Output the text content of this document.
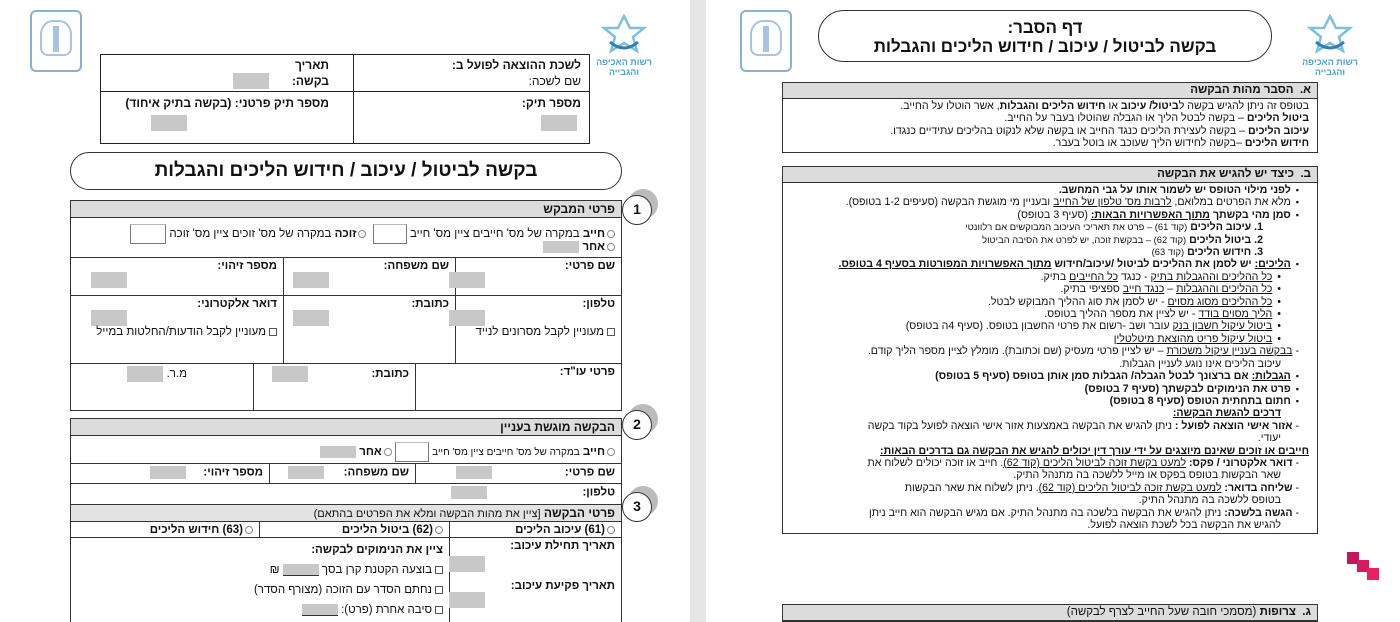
רשות האכיפה והגבייה
לשכת ההוצאה לפועל ב:
שם לשכה:
תאריך
בקשה:
מספר תיק:
מספר תיק פרטני: (בקשה בתיק איחוד)
בקשה לביטול / עיכוב / חידוש הליכים והגבלות
1
פרטי המבקש
חייב במקרה של מס' חייבים ציין מס' חייב   זוכה במקרה של מס' זוכים ציין מס' זוכה
אחר
שם פרטי:

שם משפחה:

מספר זיהוי:

טלפון:

מעוניין לקבל מסרונים לנייד
כתובת:

דואר אלקטרוני:

מעוניין לקבל הודעות/החלטות במייל
פרטי עו"ד:
כתובת:
מ.ר.
2
הבקשה מוגשת בעניין
חייב במקרה של מס' חייבים ציין מס' חייב  אחר
שם פרטי:
שם משפחה:
מספר זיהוי:
טלפון:
3
פרטי הבקשה [ציין את מהות הבקשה ומלא את הפרטים בהתאם)
(61) עיכוב הליכים
(62) ביטול הליכים
(63) חידוש הליכים
תאריך תחילת עיכוב:

תאריך פקיעת עיכוב:

ציין את הנימוקים לבקשה:
בוצעה הקטנת קרן בסך  ₪
נחתם הסדר עם הזוכה (מצורף הסדר)
סיבה אחרת (פרט):
רשות האכיפה והגבייה
דף הסבר:
בקשה לביטול / עיכוב / חידוש הליכים והגבלות
א.  הסבר מהות הבקשה

בטופס זה ניתן להגיש בקשה לביטול/ עיכוב או חידוש הליכים והגבלות, אשר הוטלו על החייב.

ביטול הליכים – בקשה לבטל הליך או הגבלה שהוטלו בעבר על החייב.

עיכוב הליכים – בקשה לעצירת הליכים כנגד החייב או בקשה שלא לנקוט בהליכים עתידיים כנגדו.

חידוש הליכים –בקשה לחידוש הליך שעוכב או בוטל בעבר.

ב.  כיצד יש להגיש את הבקשה

▪ לפני מילוי הטופס יש לשמור אותו על גבי המחשב.

▪ מלא את הפרטים במלואם, לרבות מס' טלפון של החייב ובעניין מי מוגשת הבקשה (סעיפים 1-2 בטופס).

▪ סמן מהי בקשתך מתוך האפשרויות הבאות: (סעיף 3 בטופס)

1. עיכוב הליכים (קוד 61) – פרט את תאריכי העיכוב המבוקשים אם רלוונטי

2. ביטול הליכים (קוד 62) – בבקשת זוכה, יש לפרט את הסיבה הביטול

3. חידוש הליכים (קוד 63)

▪ הליכים: יש לסמן את ההליכים לביטול /עיכוב/חידוש מתוך האפשרויות המפורטות בסעיף 4 בטופס.

• כל ההליכים וההגבלות בתיק - כנגד כל החייבים בתיק.

• כל ההליכים וההגבלות – כנגד חייב ספציפי בתיק.

• כל ההליכים מסוג מסוים - יש לסמן את סוג ההליך המבוקש לבטל.

• הליך מסוים בודד - יש לציין את מספר ההליך בטופס.

• ביטול עיקול חשבון בנק עובר ושב -רשום את פרטי החשבון בטופס. (סעיף 4ה בטופס)

• ביטול עיקול פריט מהוצאת מיטלטלין

- בבקשה בעניין עיקול משכורת – יש לציין פרטי מעסיק (שם וכתובת). מומלץ לציין מספר הליך קודם.

עיכוב הליכים אינו נוגע לעניין הגבלות.

▪ הגבלות: אם ברצונך לבטל הגבלה/ הגבלות סמן אותן בטופס (סעיף 5 בטופס)

▪ פרט את הנימוקים לבקשתך (סעיף 7 בטופס)

▪ חתום בתחתית הטופס (סעיף 8 בטופס)

דרכים להגשת הבקשה:

- אזור אישי הוצאה לפועל : ניתן להגיש את הבקשה באמצעות אזור אישי הוצאה לפועל בקוד בקשה

יעודי.

חייבים או זוכים שאינם מיוצגים על ידי עורך דין יכולים להגיש את הבקשה גם בדרכים הבאות:

- דואר אלקטרוני / פקס: למעט בקשת זוכה לביטול הליכים (קוד 62). חייב או זוכה יכולים לשלוח את

שאר הבקשות בטופס בפקס או מייל ללשכה בה מתנהל התיק.

- שליחה בדואר: למעט בקשת זוכה לביטול הליכים (קוד 62). ניתן לשלוח את שאר הבקשות

בטופס ללשכה בה מתנהל התיק.

- הגשה בלשכה: ניתן להגיש את הבקשה בלשכה בה מתנהל התיק. אם מגיש הבקשה הוא חייב ניתן

להגיש את הבקשה בכל לשכת הוצאה לפועל.

ג.  צרופות (מסמכי חובה שעל החייב לצרף לבקשה)
